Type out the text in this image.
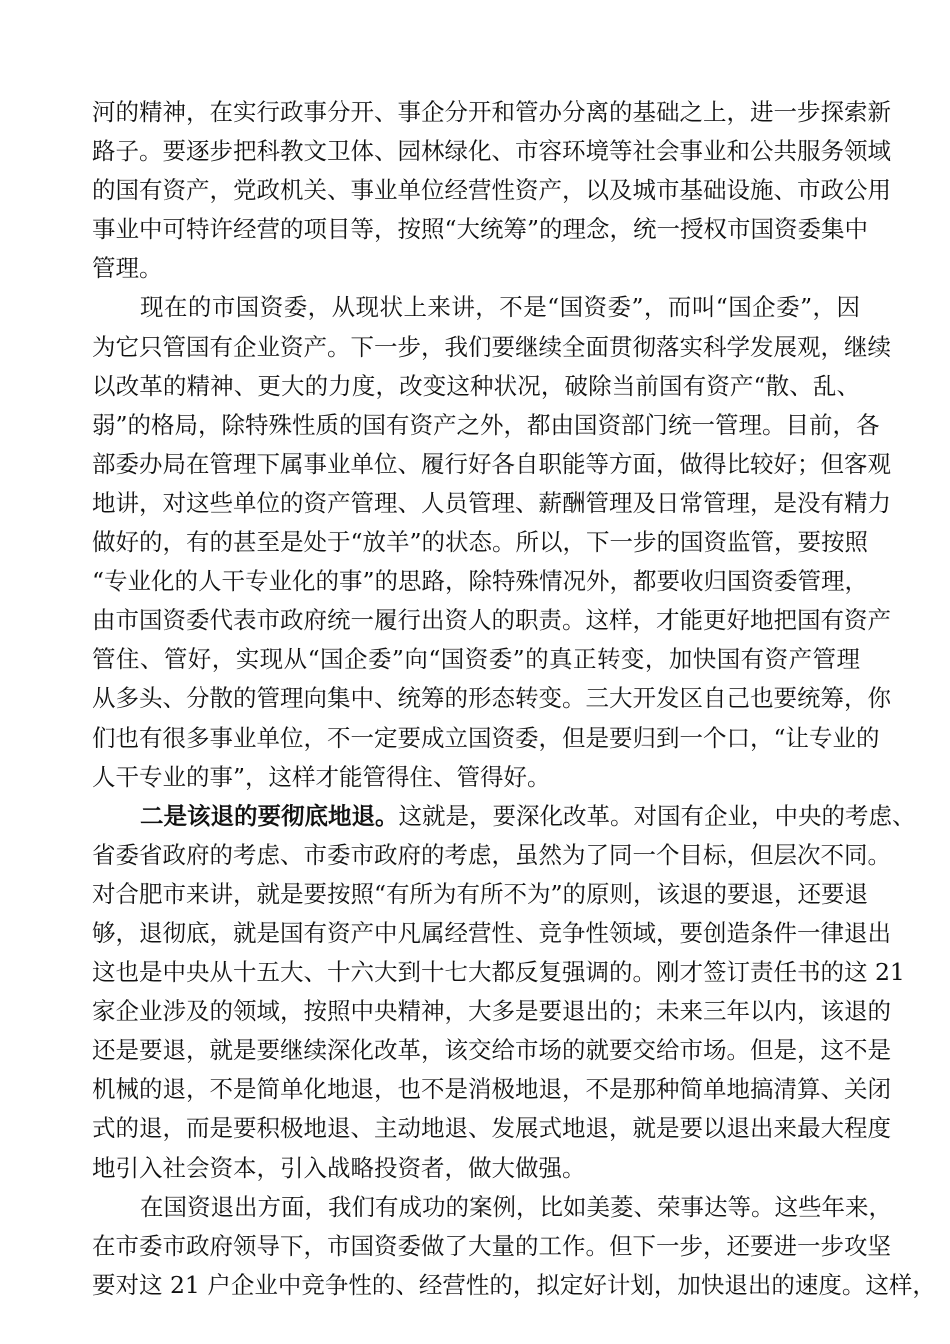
河的精神，在实行政事分开、事企分开和管办分离的基础之上，进一步探索新
路子。要逐步把科教文卫体、园林绿化、市容环境等社会事业和公共服务领域
的国有资产，党政机关、事业单位经营性资产，以及城市基础设施、市政公用
事业中可特许经营的项目等，按照“大统筹”的理念，统一授权市国资委集中
管理。
现在的市国资委，从现状上来讲，不是“国资委”，而叫“国企委”，因
为它只管国有企业资产。下一步，我们要继续全面贯彻落实科学发展观，继续
以改革的精神、更大的力度，改变这种状况，破除当前国有资产“散、乱、
弱”的格局，除特殊性质的国有资产之外，都由国资部门统一管理。目前，各
部委办局在管理下属事业单位、履行好各自职能等方面，做得比较好；但客观
地讲，对这些单位的资产管理、人员管理、薪酬管理及日常管理，是没有精力
做好的，有的甚至是处于“放羊”的状态。所以，下一步的国资监管，要按照
“专业化的人干专业化的事”的思路，除特殊情况外，都要收归国资委管理，
由市国资委代表市政府统一履行出资人的职责。这样，才能更好地把国有资产
管住、管好，实现从“国企委”向“国资委”的真正转变，加快国有资产管理
从多头、分散的管理向集中、统筹的形态转变。三大开发区自己也要统筹，你
们也有很多事业单位，不一定要成立国资委，但是要归到一个口，“让专业的
人干专业的事”，这样才能管得住、管得好。
二是该退的要彻底地退。这就是，要深化改革。对国有企业，中央的考虑、
省委省政府的考虑、市委市政府的考虑，虽然为了同一个目标，但层次不同。
对合肥市来讲，就是要按照“有所为有所不为”的原则，该退的要退，还要退
够，退彻底，就是国有资产中凡属经营性、竞争性领域，要创造条件一律退出
这也是中央从十五大、十六大到十七大都反复强调的。刚才签订责任书的这 21
家企业涉及的领域，按照中央精神，大多是要退出的；未来三年以内，该退的
还是要退，就是要继续深化改革，该交给市场的就要交给市场。但是，这不是
机械的退，不是简单化地退，也不是消极地退，不是那种简单地搞清算、关闭
式的退，而是要积极地退、主动地退、发展式地退，就是要以退出来最大程度
地引入社会资本，引入战略投资者，做大做强。
在国资退出方面，我们有成功的案例，比如美菱、荣事达等。这些年来，
在市委市政府领导下，市国资委做了大量的工作。但下一步，还要进一步攻坚
要对这 21 户企业中竞争性的、经营性的，拟定好计划，加快退出的速度。这样，
